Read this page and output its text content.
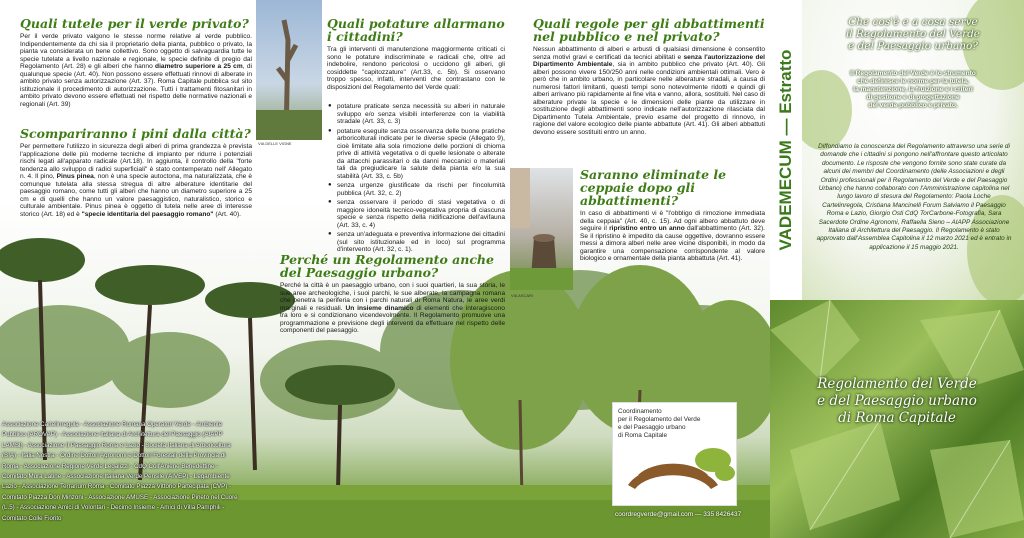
Quali tutele per il verde privato?
Per il verde privato valgono le stesse norme relative al verde pubblico. Indipendentemente da chi sia il proprietario della pianta, pubblico o privato, la pianta va considerata un bene collettivo. Sono oggetto di salvaguardia tutte le specie tutelate a livello nazionale e regionale, le specie definite di pregio dal Regolamento (Art. 28) e gli alberi che hanno diametro superiore a 25 cm, di qualunque specie (Art. 40). Non possono essere effettuati rinnovi di alberate in ambito privato senza autorizzazione (Art. 37). Roma Capitale pubblica sul sito istituzionale il procedimento di autorizzazione. Tutti i trattamenti fitosanitari in ambito privato devono essere effettuati nel rispetto delle normative nazionali e regionali (Art. 39)
Scompariranno i pini dalla città?
Per permettere l'utilizzo in sicurezza degli alberi di prima grandezza è prevista l'applicazione delle più moderne tecniche di impianto per ridurre i potenziali rischi legati all'apparato radicale (Art.18). In aggiunta, il controllo della "forte tendenza allo sviluppo di radici superficiali" è stato contemperato nell' Allegato n. 4. Il pino, Pinus pinea, non è una specie autoctona, ma naturalizzata, che è comunque tutelata alla stessa stregua di altre alberature identitarie del paesaggio romano, come tutti gli alberi che hanno un diametro superiore a 25 cm e di quelli che hanno un valore paesaggistico, naturalistico, storico e culturale ambientale. Pinus pinea è oggetto di tutela nelle aree di interesse storico (Art. 18) ed è "specie identitaria del paesaggio romano" (Art. 40).
Associazione Cartelinregola - Associazione Romana Operatori Verde - Ambiente Pubblico (AROVAP) - Associazione Italiana di Architettura del Paesaggio (AIAPP LAMSI) - Associazione Il Paesaggio Roma e Lazio - Società Italiana di Arboricoltura (SIA) - Italia Nostra - Ordine Dottori Agronomi e Dottori Forestali della Provincia di Roma - Associazione Regione Verde Legalizzi - CdQ Coll'Aniene Benedettine - Comitato Mura Latine - Associazione Italiana Verde Pensile (AIVEP) - Legambiente Lazio - Associazione Terrarium Roma - Comitato Piazza Vittorio Partecipata (CVP) - Comitato Piazza Don Minzoni - Associazione AMUSE - Associazione Pineto nel Cuore (L.5) - Associazione Amici di Volontari - Decimo Insieme - Amici di Villa Pamphili - Comitato Colle Fiorito
VIA DELLE VIGNE
Quali potature allarmano i cittadini?
Tra gli interventi di manutenzione maggiormente criticati ci sono le potature indiscriminate e radicali che, oltre ad indebolire, rendono pericolosi o uccidono gli alberi, gli cosiddette "capitozzature" (Art.33, c. 5b). Si osservano troppo spesso, infatti, interventi che contrastano con le disposizioni del Regolamento del Verde quali:
● potature praticate senza necessità su alberi in naturale sviluppo e/o senza visibili interferenze con la viabilità stradale (Art. 33, c. 3)
● potature eseguite senza osservanza delle buone pratiche arboricolturali indicate per le diverse specie (Allegato 9), cioè limitate alla sola rimozione delle porzioni di chioma prive di attività vegetativa o di quelle lesionate o alterate da attacchi parassitari o da danni meccanici o materiali tali da pregiudicare la salute della pianta e/o la sua stabilità (Art. 33, c. 5b)
● senza urgenze giustificate da rischi per l'incolumità pubblica (Art. 32, c. 2)
● senza osservare il periodo di stasi vegetativa o di maggiore idoneità tecnico-vegetativa propria di ciascuna specie e senza rispetto della nidificazione dell'avifauna (Art. 33, c. 4)
● senza un'adeguata e preventiva informazione dei cittadini (sul sito istituzionale ed in loco) sul programma d'intervento (Art. 32, c. 1).
Perché un Regolamento anche del Paesaggio urbano?
Perché la città è un paesaggio urbano, con i suoi quartieri, la sua storia, le sue aree archeologiche, i suoi parchi, le sue alberate, la campagna romana che penetra la periferia con i parchi naturali di Roma Natura, le aree verdi marginali e residuali. Un insieme dinamico di elementi che interagiscono tra loro e si condizionano vicendevolmente. Il Regolamento promuove una programmazione e previsione degli interventi da effettuare nel rispetto delle componenti del paesaggio.
Quali regole per gli abbattimenti nel pubblico e nel privato?
Nessun abbattimento di alberi e arbusti di qualsiasi dimensione è consentito senza motivi gravi e certificati da tecnici abilitati e senza l'autorizzazione del Dipartimento Ambientale, sia in ambito pubblico che privato (Art. 40). Gli alberi possono vivere 150/250 anni nelle condizioni ambientali ottimali. Vero è però che in ambito urbano, in particolare nelle alberature stradali, a causa di numerosi fattori limitanti, questi tempi sono notevolmente ridotti e quindi gli alberi arrivano più rapidamente al fine vita e vanno, allora, sostituiti. Nel caso di alberature private la specie e le dimensioni delle piante da utilizzare in sostituzione degli abbattimenti sono indicate nell'autorizzazione rilasciata dal Dipartimento Tutela Ambientale, previo esame del progetto di rinnovo, in ragione del valore ecologico delle piante abbattute (Art. 41). Gli alberi abbattuti devono essere sostituiti entro un anno.
VIA ASCARI
Saranno eliminate le ceppaie dopo gli abbattimenti?
In caso di abbattimenti vi è "l'obbligo di rimozione immediata della ceppaia" (Art. 40, c. 15). Ad ogni albero abbattuto deve seguire il ripristino entro un anno dall'abbattimento (Art. 32). Se il ripristino è impedito da cause oggettive, dovranno essere messi a dimora alberi nelle aree vicine disponibili, in modo da garantire una compensazione corrispondente al valore biologico e ornamentale della pianta abbattuta (Art. 41).
Coordinamento
per il Regolamento del Verde
e del Paesaggio urbano
di Roma Capitale
coordregverde@gmail.com — 335 8426437
VADEMECUM — Estratto
Che cos'è e a cosa serve
il Regolamento del Verde
e del Paesaggio urbano?
Il Regolamento del Verde è lo strumento
che definisce le norme per la tutela,
la manutenzione, la fruizione e i criteri
di gestione e di progettazione
del verde pubblico e privato.
Diffondiamo la conoscenza del Regolamento attraverso una serie di domande che i cittadini si pongono nell'affrontare questo articolato documento. Le risposte che vengono fornite sono state curate da alcuni dei membri del Coordinamento (delle Associazioni e degli Ordini professionali per il Regolamento del Verde e del Paesaggio Urbano) che hanno collaborato con l'Amministrazione capitolina nel lungo lavoro di stesura del Regolamento: Paola Loche Cartelinregola, Cristiana Mancinelli Forum Salviamo il Paesaggio Roma e Lazio, Giorgio Osti CdQ TorCarbone-Fotografia, Sara Sacerdote Ordine Agronomi, Raffaella Sieno – AIAPP Associazione Italiana di Architettura del Paesaggio. Il Regolamento è stato approvato dall'Assemblea Capitolina il 12 marzo 2021 ed è entrato in applicazione il 15 maggio 2021.
Regolamento del Verde
e del Paesaggio urbano
di Roma Capitale
